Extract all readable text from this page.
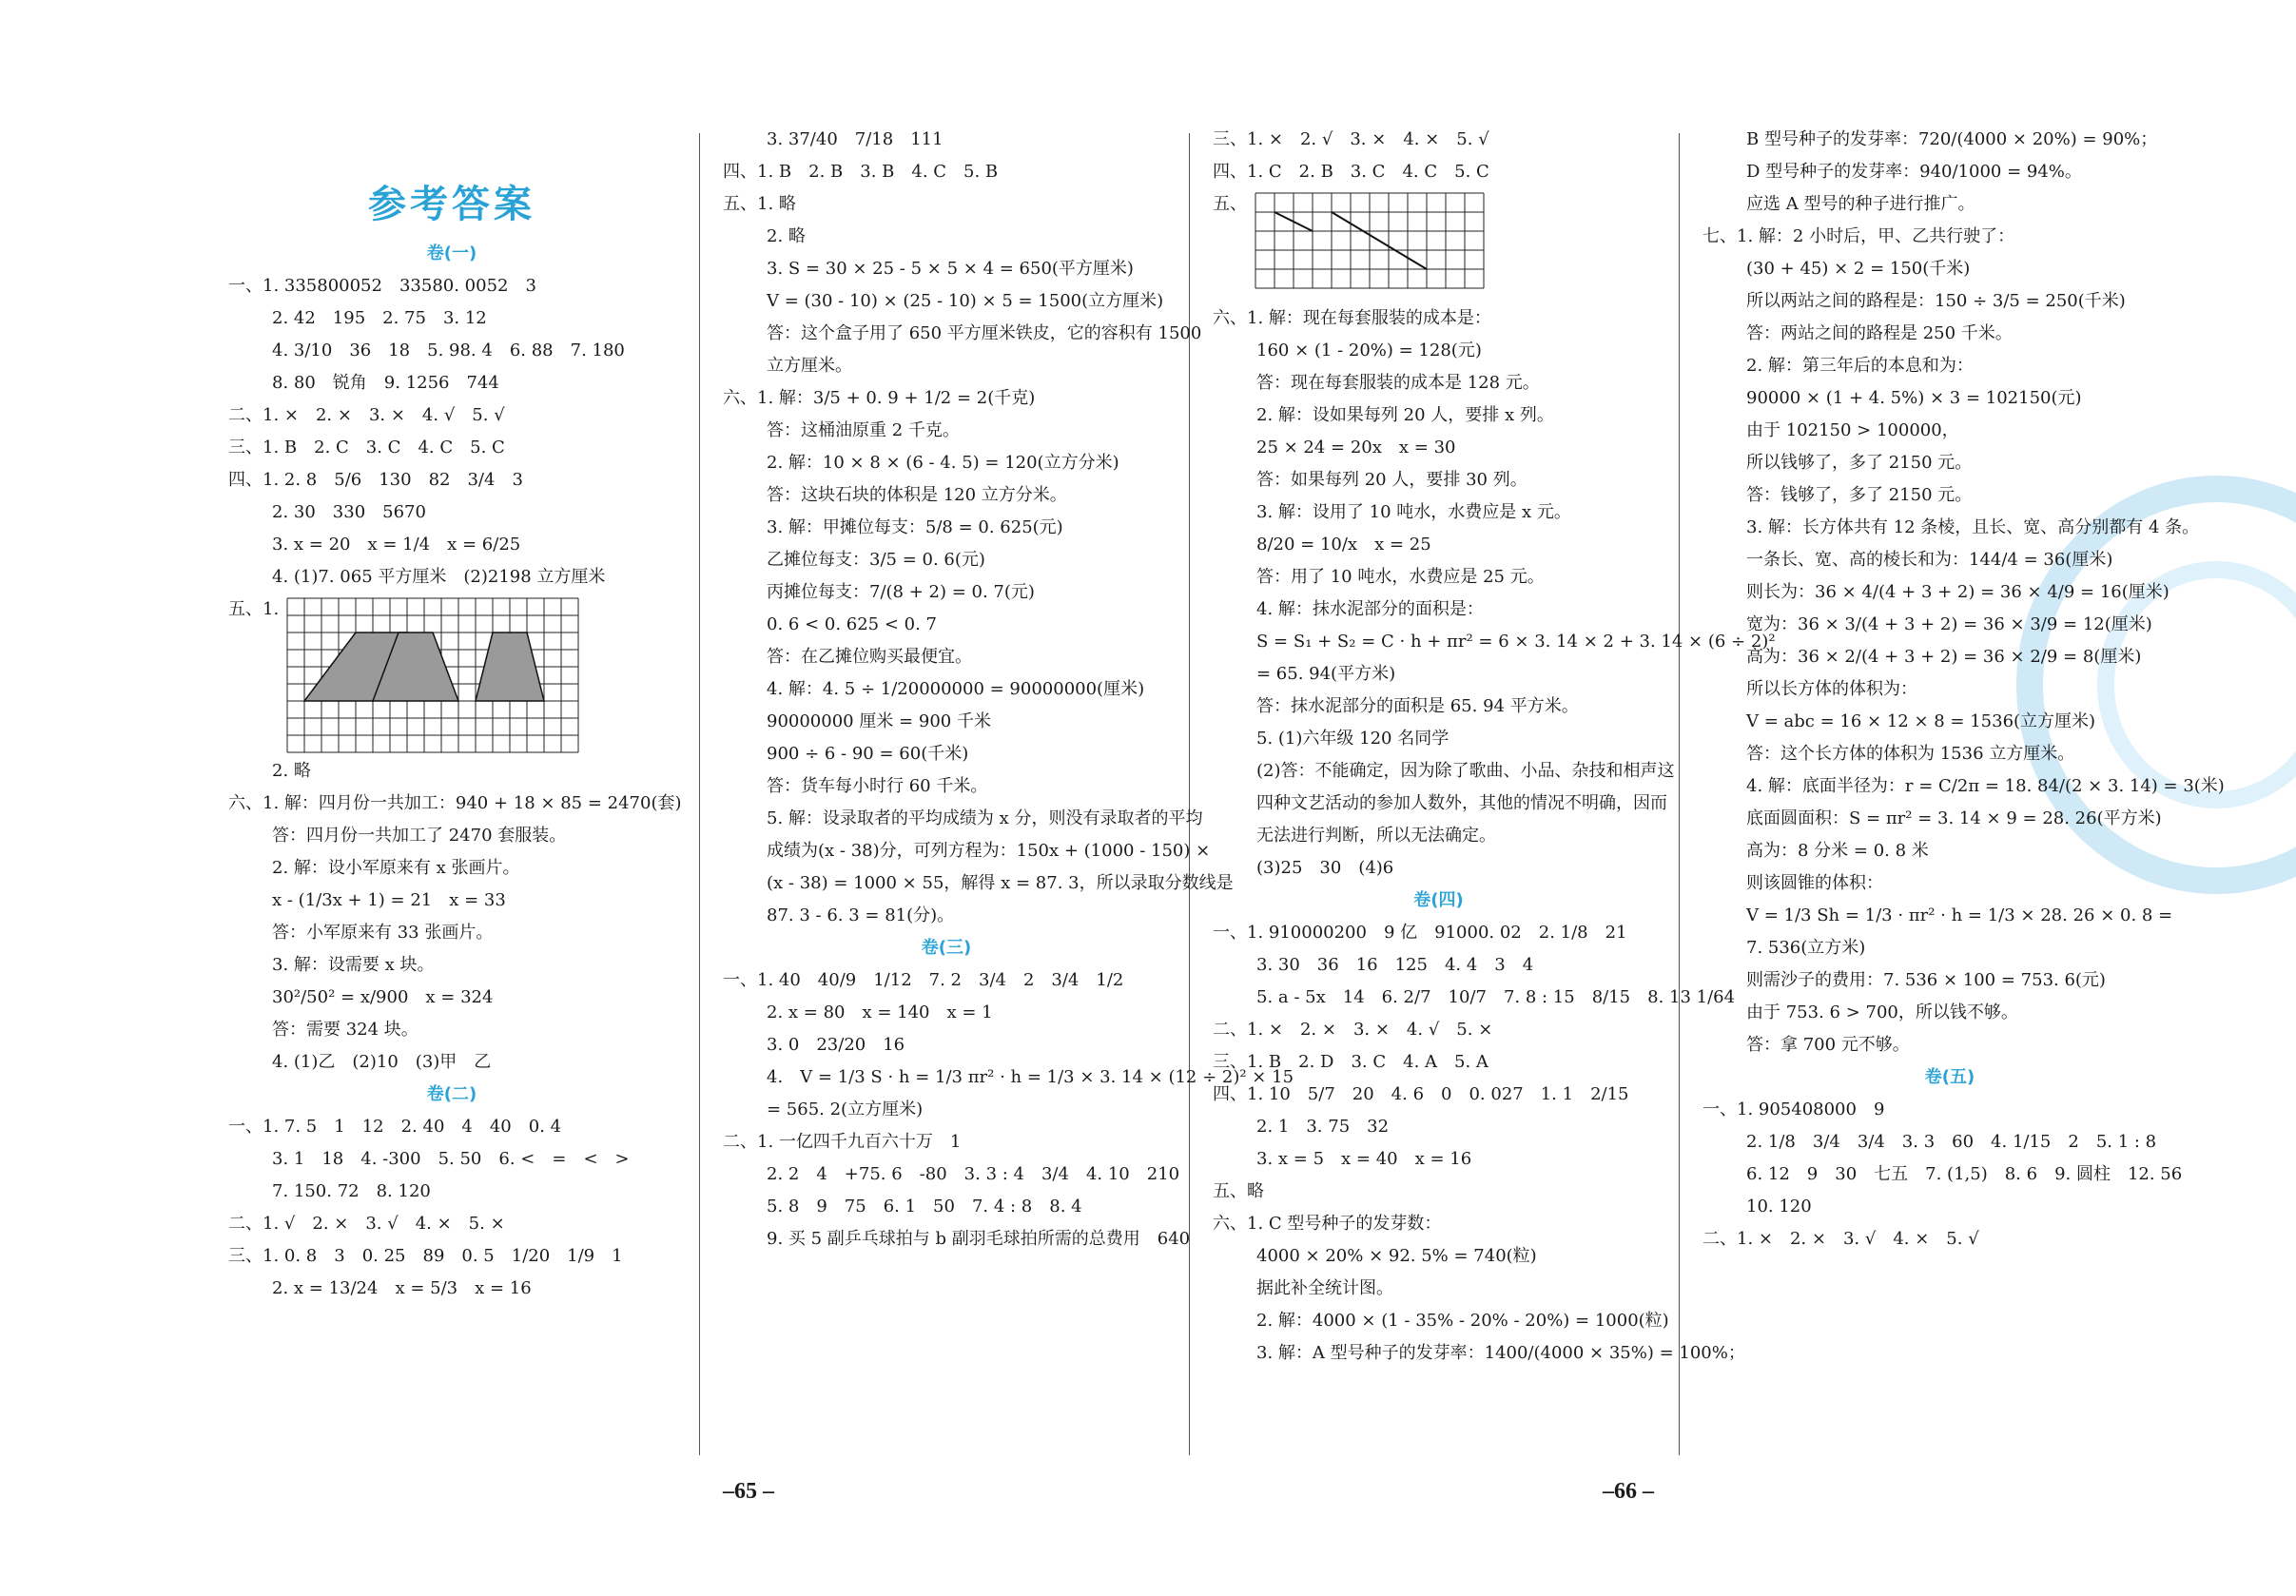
参考答案
卷(一)
一、1. 335800052　33580. 0052　3
2. 42　195　2. 75　3. 12
4. 3/10　36　18　5. 98. 4　6. 88　7. 180
8. 80　锐角　9. 1256　744
二、1. ×　2. ×　3. ×　4. √　5. √
三、1. B　2. C　3. C　4. C　5. C
四、1. 2. 8　5/6　130　82　3/4　3
2. 30　330　5670
3. x = 20　x = 1/4　x = 6/25
4. (1)7. 065 平方厘米　(2)2198 立方厘米
五、1.
2. 略
六、1. 解：四月份一共加工：940 + 18 × 85 = 2470(套)
答：四月份一共加工了 2470 套服装。
2. 解：设小军原来有 x 张画片。
x - (1/3x + 1) = 21　x = 33
答：小军原来有 33 张画片。
3. 解：设需要 x 块。
30²/50² = x/900　x = 324
答：需要 324 块。
4. (1)乙　(2)10　(3)甲　乙
卷(二)
一、1. 7. 5　1　12　2. 40　4　40　0. 4
3. 1　18　4. -300　5. 50　6. <　=　<　>
7. 150. 72　8. 120
二、1. √　2. ×　3. √　4. ×　5. ×
三、1. 0. 8　3　0. 25　89　0. 5　1/20　1/9　1
2. x = 13/24　x = 5/3　x = 16
3. 37/40　7/18　111
四、1. B　2. B　3. B　4. C　5. B
五、1. 略
2. 略
3. S = 30 × 25 - 5 × 5 × 4 = 650(平方厘米)
V = (30 - 10) × (25 - 10) × 5 = 1500(立方厘米)
答：这个盒子用了 650 平方厘米铁皮，它的容积有 1500
立方厘米。
六、1. 解：3/5 + 0. 9 + 1/2 = 2(千克)
答：这桶油原重 2 千克。
2. 解：10 × 8 × (6 - 4. 5) = 120(立方分米)
答：这块石块的体积是 120 立方分米。
3. 解：甲摊位每支：5/8 = 0. 625(元)
乙摊位每支：3/5 = 0. 6(元)
丙摊位每支：7/(8 + 2) = 0. 7(元)
0. 6 < 0. 625 < 0. 7
答：在乙摊位购买最便宜。
4. 解：4. 5 ÷ 1/20000000 = 90000000(厘米)
90000000 厘米 = 900 千米
900 ÷ 6 - 90 = 60(千米)
答：货车每小时行 60 千米。
5. 解：设录取者的平均成绩为 x 分，则没有录取者的平均
成绩为(x - 38)分，可列方程为：150x + (1000 - 150) ×
(x - 38) = 1000 × 55，解得 x = 87. 3，所以录取分数线是
87. 3 - 6. 3 = 81(分)。
卷(三)
一、1. 40　40/9　1/12　7. 2　3/4　2　3/4　1/2
2. x = 80　x = 140　x = 1
3. 0　23/20　16
4.　V = 1/3 S · h = 1/3 πr² · h = 1/3 × 3. 14 × (12 ÷ 2)² × 15
= 565. 2(立方厘米)
二、1. 一亿四千九百六十万　1
2. 2　4　+75. 6　-80　3. 3 : 4　3/4　4. 10　210
5. 8　9　75　6. 1　50　7. 4 : 8　8. 4
9. 买 5 副乒乓球拍与 b 副羽毛球拍所需的总费用　640
三、1. ×　2. √　3. ×　4. ×　5. √
四、1. C　2. B　3. C　4. C　5. C
五、
六、1. 解：现在每套服装的成本是：
160 × (1 - 20%) = 128(元)
答：现在每套服装的成本是 128 元。
2. 解：设如果每列 20 人，要排 x 列。
25 × 24 = 20x　x = 30
答：如果每列 20 人，要排 30 列。
3. 解：设用了 10 吨水，水费应是 x 元。
8/20 = 10/x　x = 25
答：用了 10 吨水，水费应是 25 元。
4. 解：抹水泥部分的面积是：
S = S₁ + S₂ = C · h + πr² = 6 × 3. 14 × 2 + 3. 14 × (6 ÷ 2)²
= 65. 94(平方米)
答：抹水泥部分的面积是 65. 94 平方米。
5. (1)六年级 120 名同学
(2)答：不能确定，因为除了歌曲、小品、杂技和相声这
四种文艺活动的参加人数外，其他的情况不明确，因而
无法进行判断，所以无法确定。
(3)25　30　(4)6
卷(四)
一、1. 910000200　9 亿　91000. 02　2. 1/8　21
3. 30　36　16　125　4. 4　3　4
5. a - 5x　14　6. 2/7　10/7　7. 8 : 15　8/15　8. 13 1/64
二、1. ×　2. ×　3. ×　4. √　5. ×
三、1. B　2. D　3. C　4. A　5. A
四、1. 10　5/7　20　4. 6　0　0. 027　1. 1　2/15
2. 1　3. 75　32
3. x = 5　x = 40　x = 16
五、略
六、1. C 型号种子的发芽数：
4000 × 20% × 92. 5% = 740(粒)
据此补全统计图。
2. 解：4000 × (1 - 35% - 20% - 20%) = 1000(粒)
3. 解：A 型号种子的发芽率：1400/(4000 × 35%) = 100%；
B 型号种子的发芽率：720/(4000 × 20%) = 90%；
D 型号种子的发芽率：940/1000 = 94%。
应选 A 型号的种子进行推广。
七、1. 解：2 小时后，甲、乙共行驶了：
(30 + 45) × 2 = 150(千米)
所以两站之间的路程是：150 ÷ 3/5 = 250(千米)
答：两站之间的路程是 250 千米。
2. 解：第三年后的本息和为：
90000 × (1 + 4. 5%) × 3 = 102150(元)
由于 102150 > 100000，
所以钱够了，多了 2150 元。
答：钱够了，多了 2150 元。
3. 解：长方体共有 12 条棱，且长、宽、高分别都有 4 条。
一条长、宽、高的棱长和为：144/4 = 36(厘米)
则长为：36 × 4/(4 + 3 + 2) = 36 × 4/9 = 16(厘米)
宽为：36 × 3/(4 + 3 + 2) = 36 × 3/9 = 12(厘米)
高为：36 × 2/(4 + 3 + 2) = 36 × 2/9 = 8(厘米)
所以长方体的体积为：
V = abc = 16 × 12 × 8 = 1536(立方厘米)
答：这个长方体的体积为 1536 立方厘米。
4. 解：底面半径为：r = C/2π = 18. 84/(2 × 3. 14) = 3(米)
底面圆面积：S = πr² = 3. 14 × 9 = 28. 26(平方米)
高为：8 分米 = 0. 8 米
则该圆锥的体积：
V = 1/3 Sh = 1/3 · πr² · h = 1/3 × 28. 26 × 0. 8 =
7. 536(立方米)
则需沙子的费用：7. 536 × 100 = 753. 6(元)
由于 753. 6 > 700，所以钱不够。
答：拿 700 元不够。
卷(五)
一、1. 905408000　9
2. 1/8　3/4　3/4　3. 3　60　4. 1/15　2　5. 1 : 8
6. 12　9　30　七五　7. (1,5)　8. 6　9. 圆柱　12. 56
10. 120
二、1. ×　2. ×　3. √　4. ×　5. √
–65 –	–66 –
